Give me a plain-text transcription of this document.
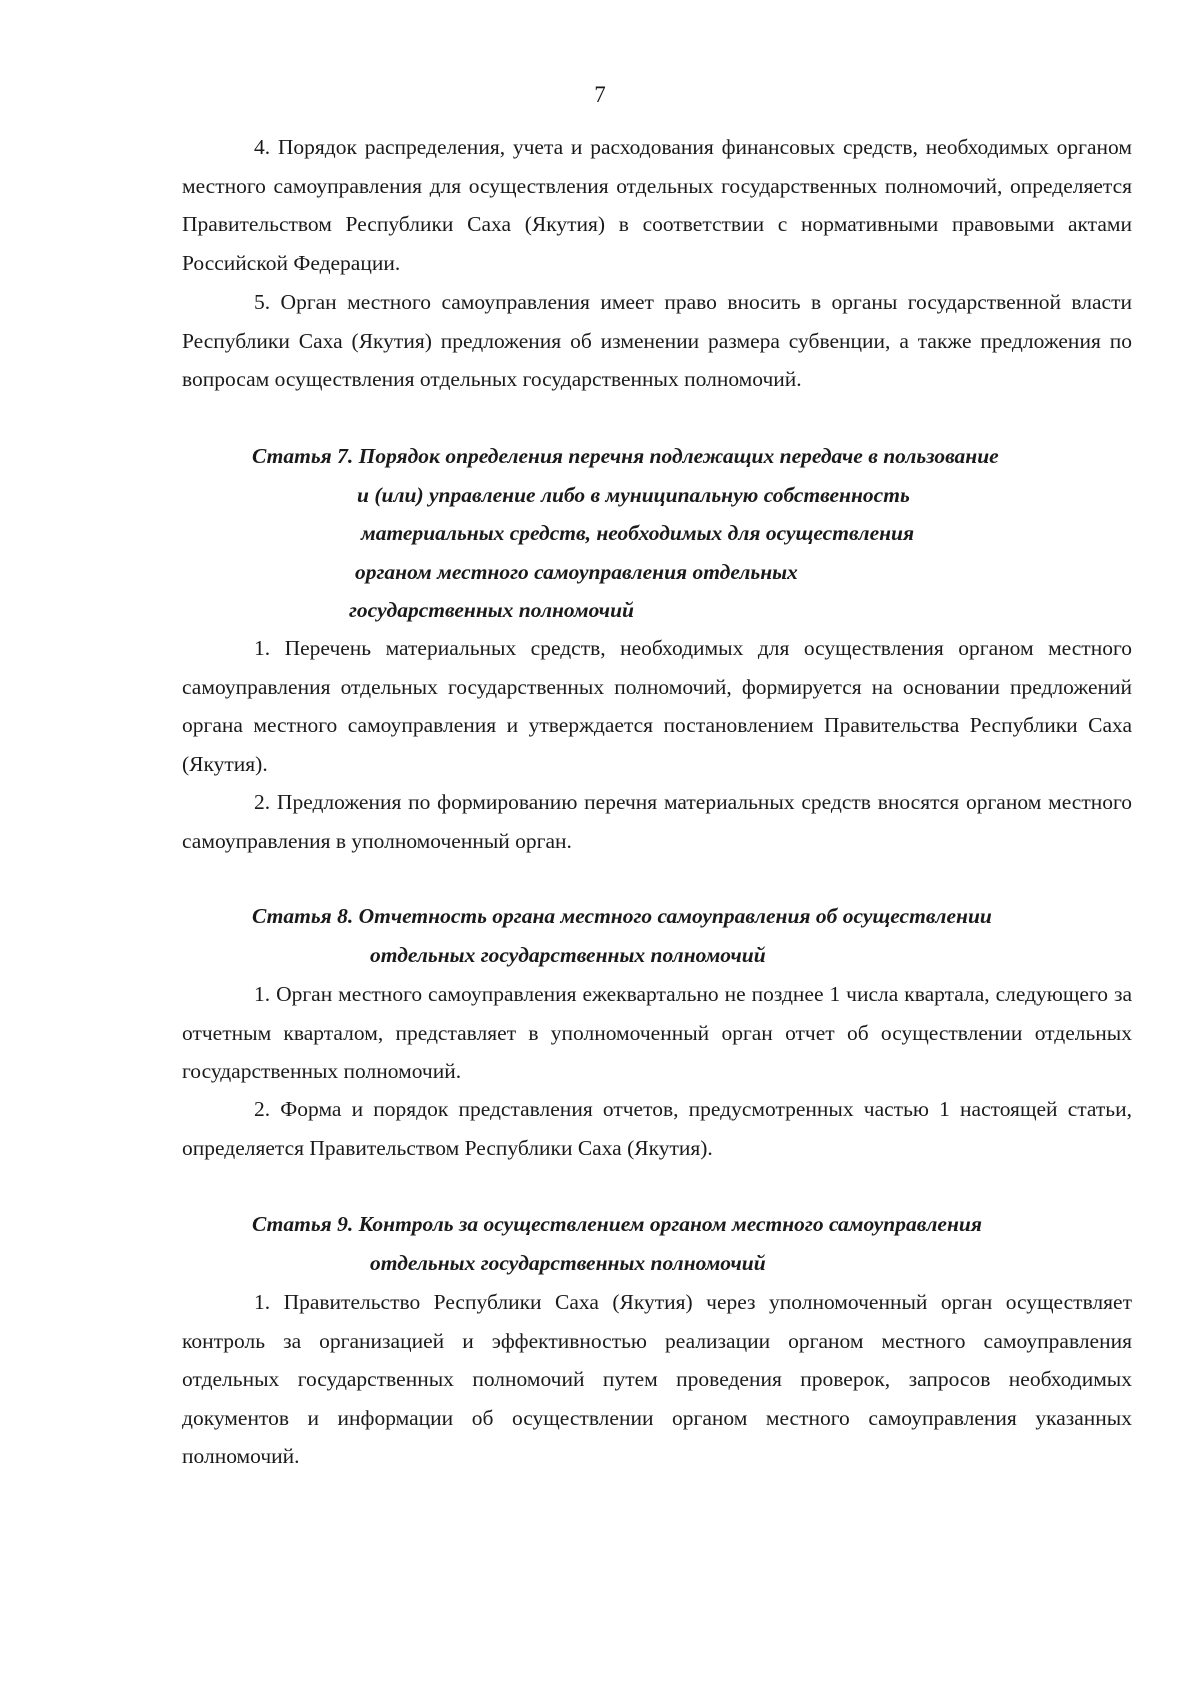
7

4. Порядок распределения, учета и расходования финансовых средств, необходимых органом местного самоуправления для осуществления отдельных государственных полномочий, определяется Правительством Республики Саха (Якутия) в соответствии с нормативными правовыми актами Российской Федерации.

5. Орган местного самоуправления имеет право вносить в органы государственной власти Республики Саха (Якутия) предложения об изменении размера субвенции, а также предложения по вопросам осуществления отдельных государственных полномочий.

Статья 7. Порядок определения перечня подлежащих передаче в пользование
и (или) управление либо в муниципальную собственность
материальных средств, необходимых для осуществления
органом местного самоуправления отдельных
государственных полномочий

1. Перечень материальных средств, необходимых для осуществления органом местного самоуправления отдельных государственных полномочий, формируется на основании предложений органа местного самоуправления и утверждается постановлением Правительства Республики Саха (Якутия).

2. Предложения по формированию перечня материальных средств вносятся органом местного самоуправления в уполномоченный орган.

Статья 8. Отчетность органа местного самоуправления об осуществлении
отдельных государственных полномочий

1. Орган местного самоуправления ежеквартально не позднее 1 числа квартала, следующего за отчетным кварталом, представляет в уполномоченный орган отчет об осуществлении отдельных государственных полномочий.

2. Форма и порядок представления отчетов, предусмотренных частью 1 настоящей статьи, определяется Правительством Республики Саха (Якутия).

Статья 9. Контроль за осуществлением органом местного самоуправления
отдельных государственных полномочий

1. Правительство Республики Саха (Якутия) через уполномоченный орган осуществляет контроль за организацией и эффективностью реализации органом местного самоуправления отдельных государственных полномочий путем проведения проверок, запросов необходимых документов и информации об осуществлении органом местного самоуправления указанных полномочий.
